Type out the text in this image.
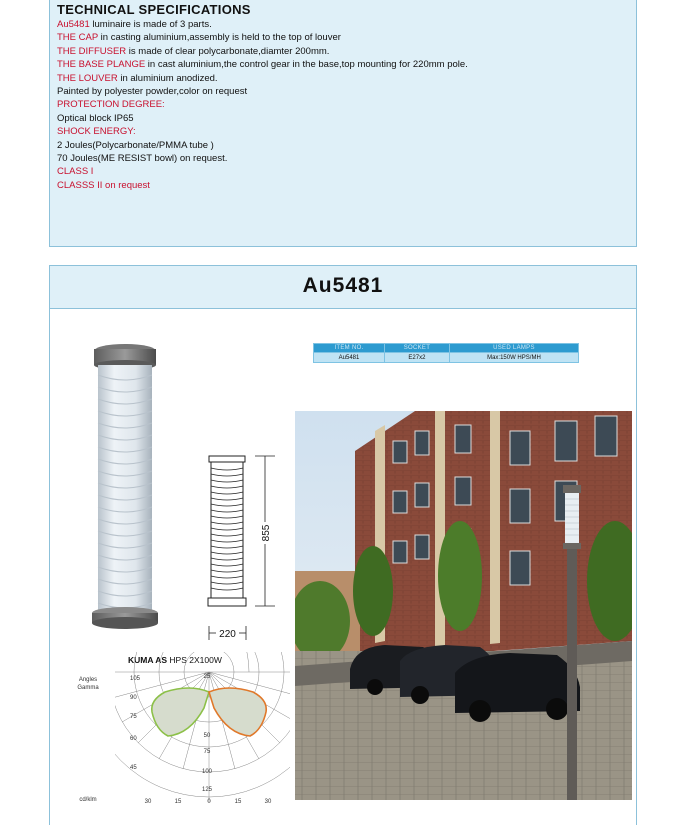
TECHNICAL SPECIFICATIONS
Au5481 luminaire is made of 3 parts.
THE CAP in casting aluminium,assembly is held to the top of louver
THE DIFFUSER is made of clear polycarbonate,diamter 200mm.
THE BASE PLANGE in cast aluminium,the control gear in the base,top mounting for 220mm pole.
THE LOUVER in aluminium anodized.
Painted by polyester powder,color on request
PROTECTION DEGREE:
Optical block IP65
SHOCK ENERGY:
2 Joules(Polycarbonate/PMMA tube )
70 Joules(ME RESIST bowl) on request.
CLASS I
CLASSS II on request
Au5481
ITEM NO.	SOCKET	USED LAMPS
Au5481	E27x2	Max:150W HPS/MH
855
220
KUMA AS HPS 2X100W
Angles
Gamma
cd/klm
105
90
75
60
45
25
50
75
100
125
30	15	0	15	30
